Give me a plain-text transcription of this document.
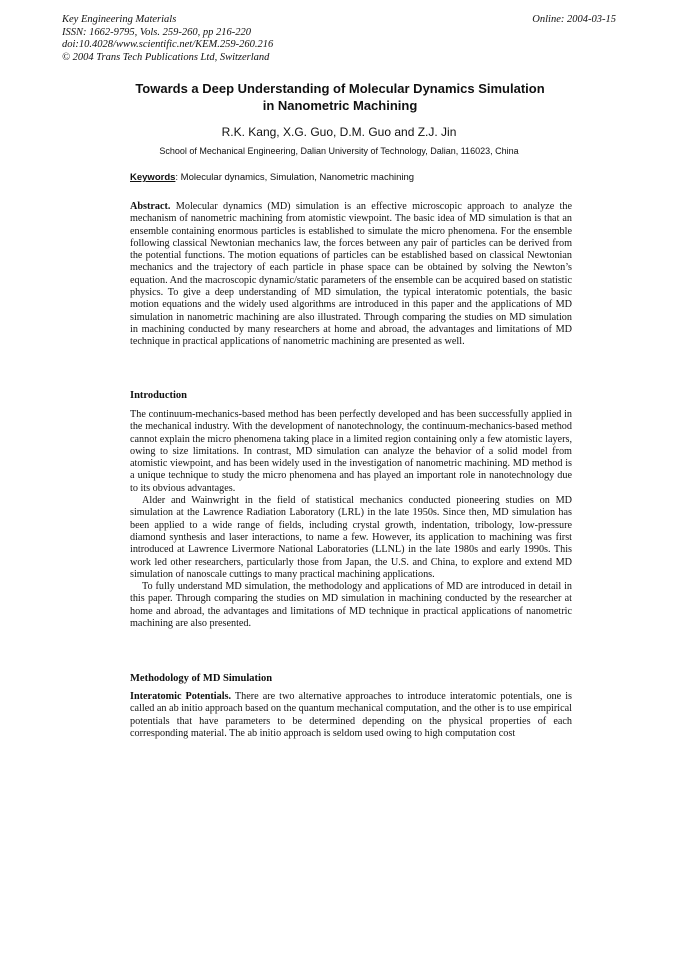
Key Engineering Materials
ISSN: 1662-9795, Vols. 259-260, pp 216-220
doi:10.4028/www.scientific.net/KEM.259-260.216
© 2004 Trans Tech Publications Ltd, Switzerland
Online: 2004-03-15
Towards a Deep Understanding of Molecular Dynamics Simulation
in Nanometric Machining
R.K. Kang, X.G. Guo, D.M. Guo and Z.J. Jin
School of Mechanical Engineering, Dalian University of Technology, Dalian, 116023, China
Keywords: Molecular dynamics, Simulation, Nanometric machining

Abstract. Molecular dynamics (MD) simulation is an effective microscopic approach to analyze the mechanism of nanometric machining from atomistic viewpoint. The basic idea of MD simulation is that an ensemble containing enormous particles is established to simulate the micro phenomena. For the ensemble following classical Newtonian mechanics law, the forces between any pair of particles can be derived from the potential functions. The motion equations of particles can be established based on classical Newtonian mechanics and the trajectory of each particle in phase space can be obtained by solving the Newton’s equation. And the macroscopic dynamic/static parameters of the ensemble can be acquired based on statistic physics. To give a deep understanding of MD simulation, the typical interatomic potentials, the basic motion equations and the widely used algorithms are introduced in this paper and the applications of MD simulation in nanometric machining are also illustrated. Through comparing the studies on MD simulation in machining conducted by many researchers at home and abroad, the advantages and limitations of MD technique in practical applications of nanometric machining are presented as well.

Introduction

The continuum-mechanics-based method has been perfectly developed and has been successfully applied in the mechanical industry. With the development of nanotechnology, the continuum-mechanics-based method cannot explain the micro phenomena taking place in a limited region containing only a few atomistic layers, owing to size limitations. In contrast, MD simulation can analyze the behavior of a solid model from atomistic viewpoint, and has been widely used in the investigation of nanometric machining. MD method is a unique technique to study the micro phenomena and has played an important role in nanotechnology due to its obvious advantages.

Alder and Wainwright in the field of statistical mechanics conducted pioneering studies on MD simulation at the Lawrence Radiation Laboratory (LRL) in the late 1950s. Since then, MD simulation has been applied to a wide range of fields, including crystal growth, indentation, tribology, low-pressure diamond synthesis and laser interactions, to name a few. However, its application to machining was first introduced at Lawrence Livermore National Laboratories (LLNL) in the late 1980s and early 1990s. This work led other researchers, particularly those from Japan, the U.S. and China, to explore and extend MD simulation of nanoscale cuttings to many practical machining applications.

To fully understand MD simulation, the methodology and applications of MD are introduced in detail in this paper. Through comparing the studies on MD simulation in machining conducted by the researcher at home and abroad, the advantages and limitations of MD technique in practical applications of nanometric machining are also presented.

Methodology of MD Simulation

Interatomic Potentials. There are two alternative approaches to introduce interatomic potentials, one is called an ab initio approach based on the quantum mechanical computation, and the other is to use empirical potentials that have parameters to be determined depending on the physical properties of each corresponding material. The ab initio approach is seldom used owing to high computation cost
